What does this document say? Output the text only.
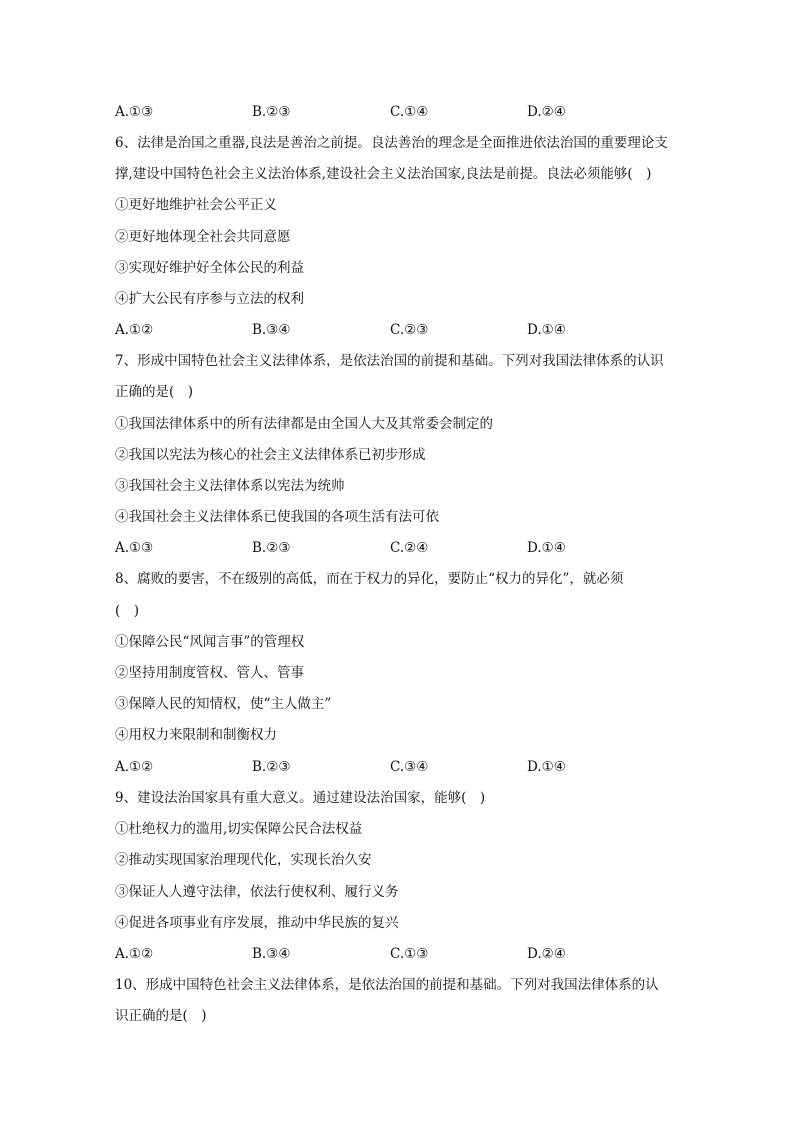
A.①③	B.②③	C.①④	D.②④
6、法律是治国之重器,良法是善治之前提。良法善治的理念是全面推进依法治国的重要理论支
撑,建设中国特色社会主义法治体系,建设社会主义法治国家,良法是前提。良法必须能够(　)
①更好地维护社会公平正义
②更好地体现全社会共同意愿
③实现好维护好全体公民的利益
④扩大公民有序参与立法的权利
A.①②	B.③④	C.②③	D.①④
7、形成中国特色社会主义法律体系，是依法治国的前提和基础。下列对我国法律体系的认识
正确的是(　)
①我国法律体系中的所有法律都是由全国人大及其常委会制定的
②我国以宪法为核心的社会主义法律体系已初步形成
③我国社会主义法律体系以宪法为统帅
④我国社会主义法律体系已使我国的各项生活有法可依
A.①③	B.②③	C.②④	D.①④
8、腐败的要害，不在级别的高低，而在于权力的异化，要防止“权力的异化”，就必须
(　)
①保障公民“风闻言事”的管理权
②坚持用制度管权、管人、管事
③保障人民的知情权，使“主人做主”
④用权力来限制和制衡权力
A.①②	B.②③	C.③④	D.①④
9、建设法治国家具有重大意义。通过建设法治国家，能够(　)
①杜绝权力的滥用,切实保障公民合法权益
②推动实现国家治理现代化，实现长治久安
③保证人人遵守法律，依法行使权利、履行义务
④促进各项事业有序发展，推动中华民族的复兴
A.①②	B.③④	C.①③	D.②④
10、形成中国特色社会主义法律体系，是依法治国的前提和基础。下列对我国法律体系的认
识正确的是(　)
